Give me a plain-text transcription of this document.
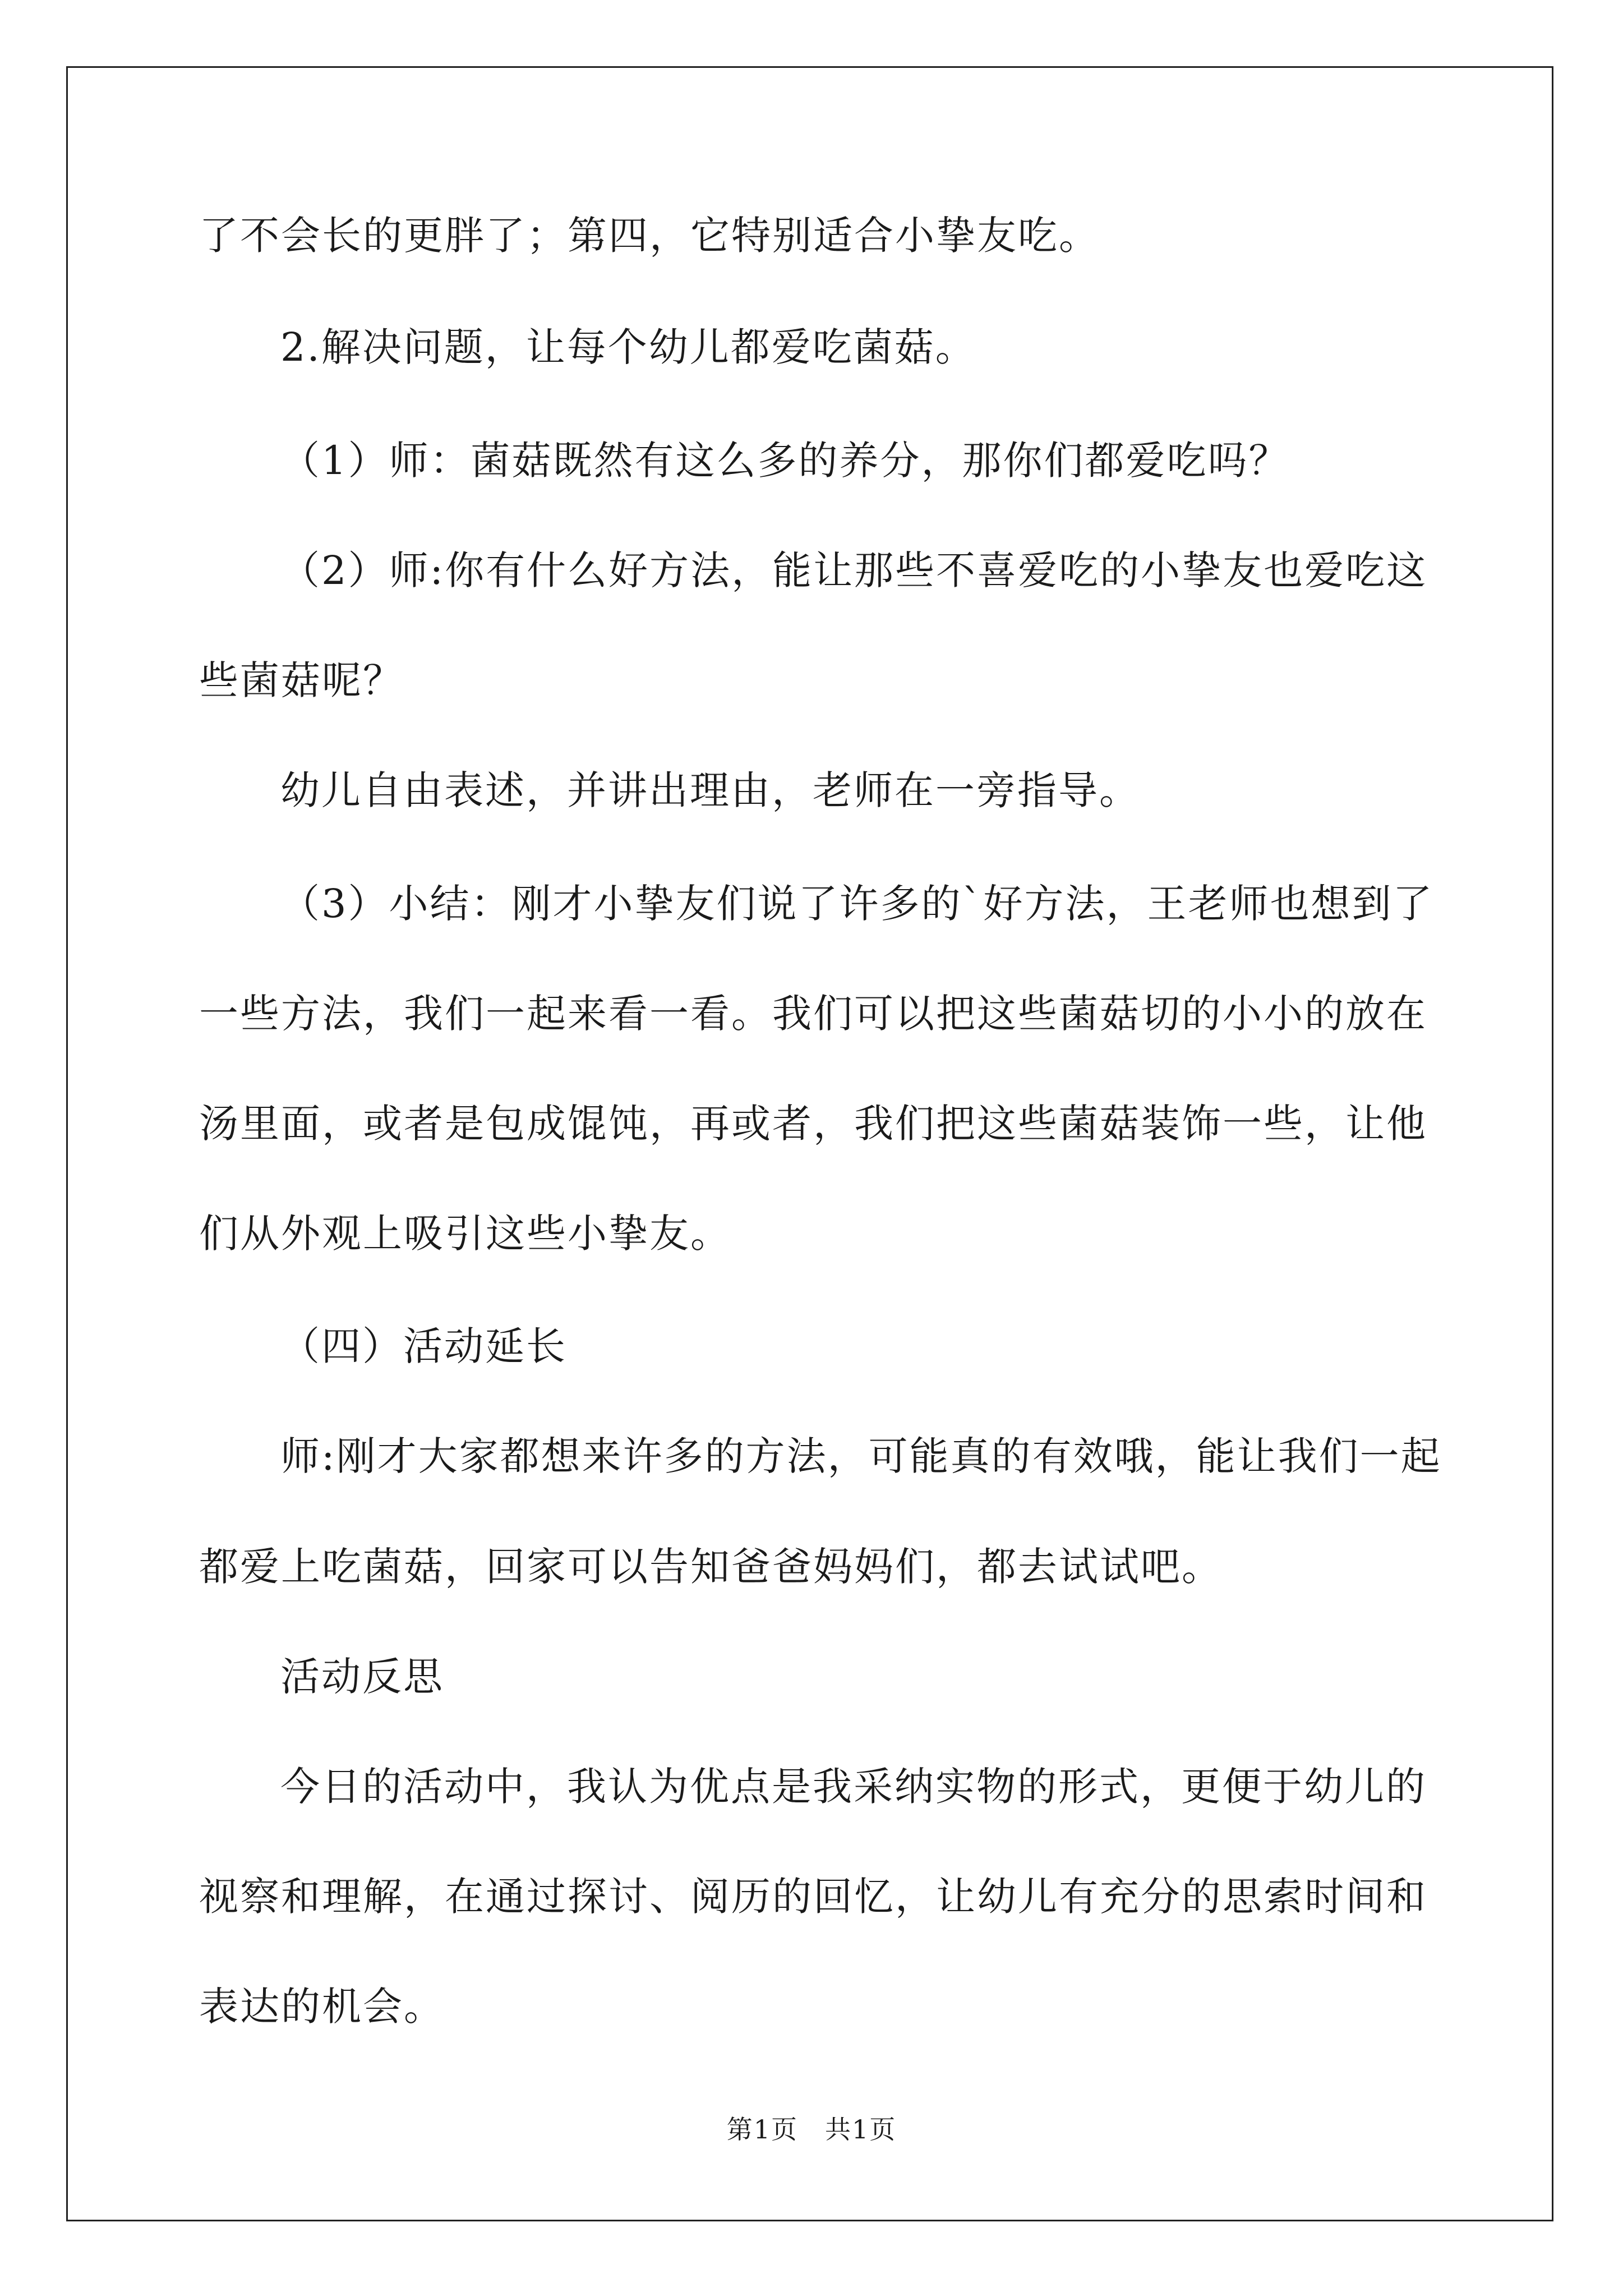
了不会长的更胖了；第四，它特别适合小挚友吃。
2.解决问题，让每个幼儿都爱吃菌菇。
（1）师：菌菇既然有这么多的养分，那你们都爱吃吗？
（2）师:你有什么好方法，能让那些不喜爱吃的小挚友也爱吃这
些菌菇呢？
幼儿自由表述，并讲出理由，老师在一旁指导。
（3）小结：刚才小挚友们说了许多的`好方法，王老师也想到了
一些方法，我们一起来看一看。我们可以把这些菌菇切的小小的放在
汤里面，或者是包成馄饨，再或者，我们把这些菌菇装饰一些，让他
们从外观上吸引这些小挚友。
（四）活动延长
师:刚才大家都想来许多的方法，可能真的有效哦，能让我们一起
都爱上吃菌菇，回家可以告知爸爸妈妈们，都去试试吧。
活动反思
今日的活动中，我认为优点是我采纳实物的形式，更便于幼儿的
视察和理解，在通过探讨、阅历的回忆，让幼儿有充分的思索时间和
表达的机会。
第1页　共1页
